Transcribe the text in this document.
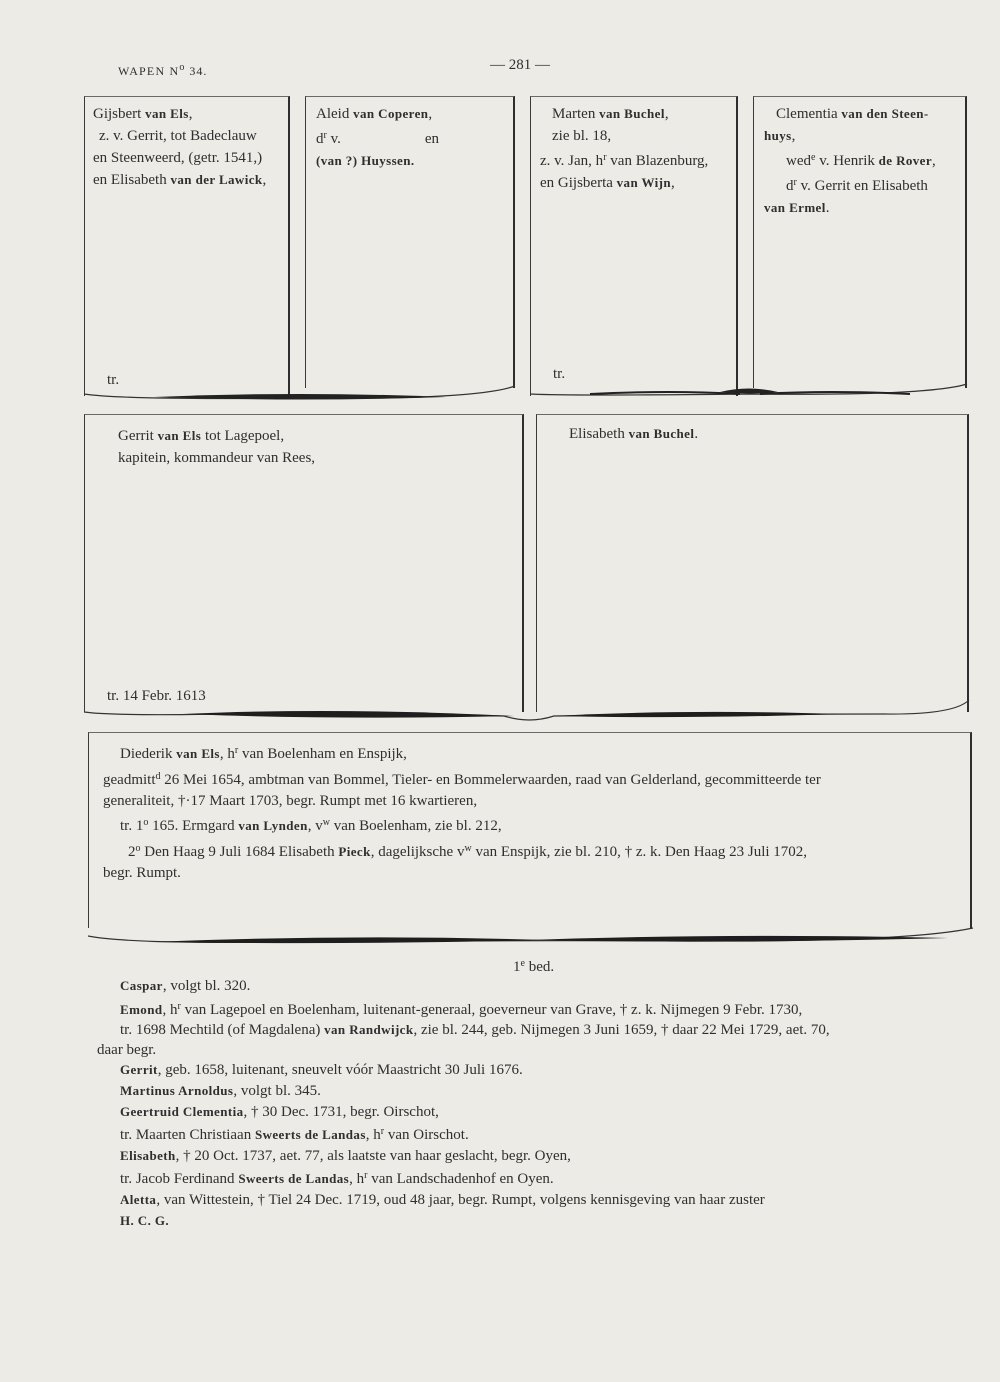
WAPEN $N^o$ 34.	— 281 —
Gijsbert van Els,
z. v. Gerrit, tot Badeclauw
en Steenweerd, (getr. 1541,)
en Elisabeth van der Lawick,
tr.
Aleid van Coperen,
$d^r$ v.	en
(van ?) Huyssen.
Marten van Buchel,
zie bl. 18,
z. v. Jan, $h^r$ van Blazenburg,
en Gijsberta van Wijn,
tr.
Clementia van den Steen-
huys,
wed$^e$ v. Henrik de Rover,
$d^r$ v. Gerrit en Elisabeth
van Ermel.
Gerrit van Els tot Lagepoel,
kapitein, kommandeur van Rees,
tr. 14 Febr. 1613
Elisabeth van Buchel.
Diederik van Els, $h^r$ van Boelenham en Enspijk,
geadmitt$^d$ 26 Mei 1654, ambtman van Bommel, Tieler- en Bommelerwaarden, raad van Gelderland, gecommitteerde ter
generaliteit, †·17 Maart 1703, begr. Rumpt met 16 kwartieren,
tr. 1$^o$ 165. Ermgard van Lynden, $v^w$ van Boelenham, zie bl. 212,
2$^o$ Den Haag 9 Juli 1684 Elisabeth Pieck, dagelijksche $v^w$ van Enspijk, zie bl. 210, † z. k. Den Haag 23 Juli 1702,
begr. Rumpt.
1e bed.
Caspar, volgt bl. 320.
Emond, $h^r$ van Lagepoel en Boelenham, luitenant-generaal, goeverneur van Grave, † z. k. Nijmegen 9 Febr. 1730,
tr. 1698 Mechtild (of Magdalena) van Randwijck, zie bl. 244, geb. Nijmegen 3 Juni 1659, † daar 22 Mei 1729, aet. 70,
daar begr.
Gerrit, geb. 1658, luitenant, sneuvelt vóór Maastricht 30 Juli 1676.
Martinus Arnoldus, volgt bl. 345.
Geertruid Clementia, † 30 Dec. 1731, begr. Oirschot,
tr. Maarten Christiaan Sweerts de Landas, $h^r$ van Oirschot.
Elisabeth, † 20 Oct. 1737, aet. 77, als laatste van haar geslacht, begr. Oyen,
tr. Jacob Ferdinand Sweerts de Landas, $h^r$ van Landschadenhof en Oyen.
Aletta, van Wittestein, † Tiel 24 Dec. 1719, oud 48 jaar, begr. Rumpt, volgens kennisgeving van haar zuster
H. C. G.
